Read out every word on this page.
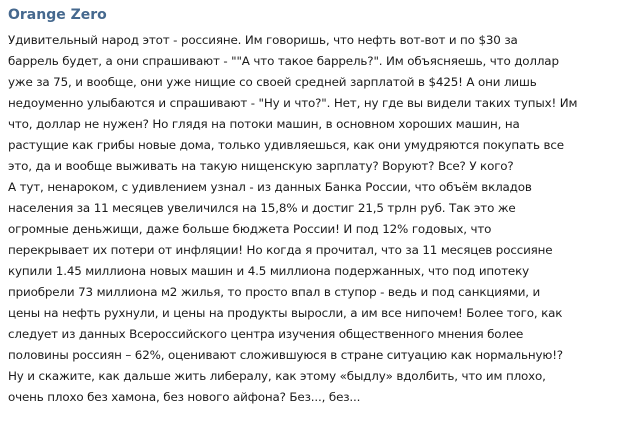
Orange Zero
Удивительный народ этот - россияне. Им говоришь, что нефть вот-вот и по $30 за
баррель будет, а они спрашивают - ""А что такое баррель?". Им объясняешь, что доллар
уже за 75, и вообще, они уже нищие со своей средней зарплатой в $425! А они лишь
недоуменно улыбаются и спрашивают - "Ну и что?". Нет, ну где вы видели таких тупых! Им
что, доллар не нужен? Но глядя на потоки машин, в основном хороших машин, на
растущие как грибы новые дома, только удивляешься, как они умудряются покупать все
это, да и вообще выживать на такую нищенскую зарплату? Воруют? Все? У кого?
А тут, ненароком, с удивлением узнал - из данных Банка России, что объём вкладов
населения за 11 месяцев увеличился на 15,8% и достиг 21,5 трлн руб. Так это же
огромные деньжищи, даже больше бюджета России! И под 12% годовых, что
перекрывает их потери от инфляции! Но когда я прочитал, что за 11 месяцев россияне
купили 1.45 миллиона новых машин и 4.5 миллиона подержанных, что под ипотеку
приобрели 73 миллиона м2 жилья, то просто впал в ступор - ведь и под санкциями, и
цены на нефть рухнули, и цены на продукты выросли, а им все нипочем! Более того, как
следует из данных Всероссийского центра изучения общественного мнения более
половины россиян – 62%, оценивают сложившуюся в стране ситуацию как нормальную!?
Ну и скажите, как дальше жить либералу, как этому «быдлу» вдолбить, что им плохо,
очень плохо без хамона, без нового айфона? Без..., без...
